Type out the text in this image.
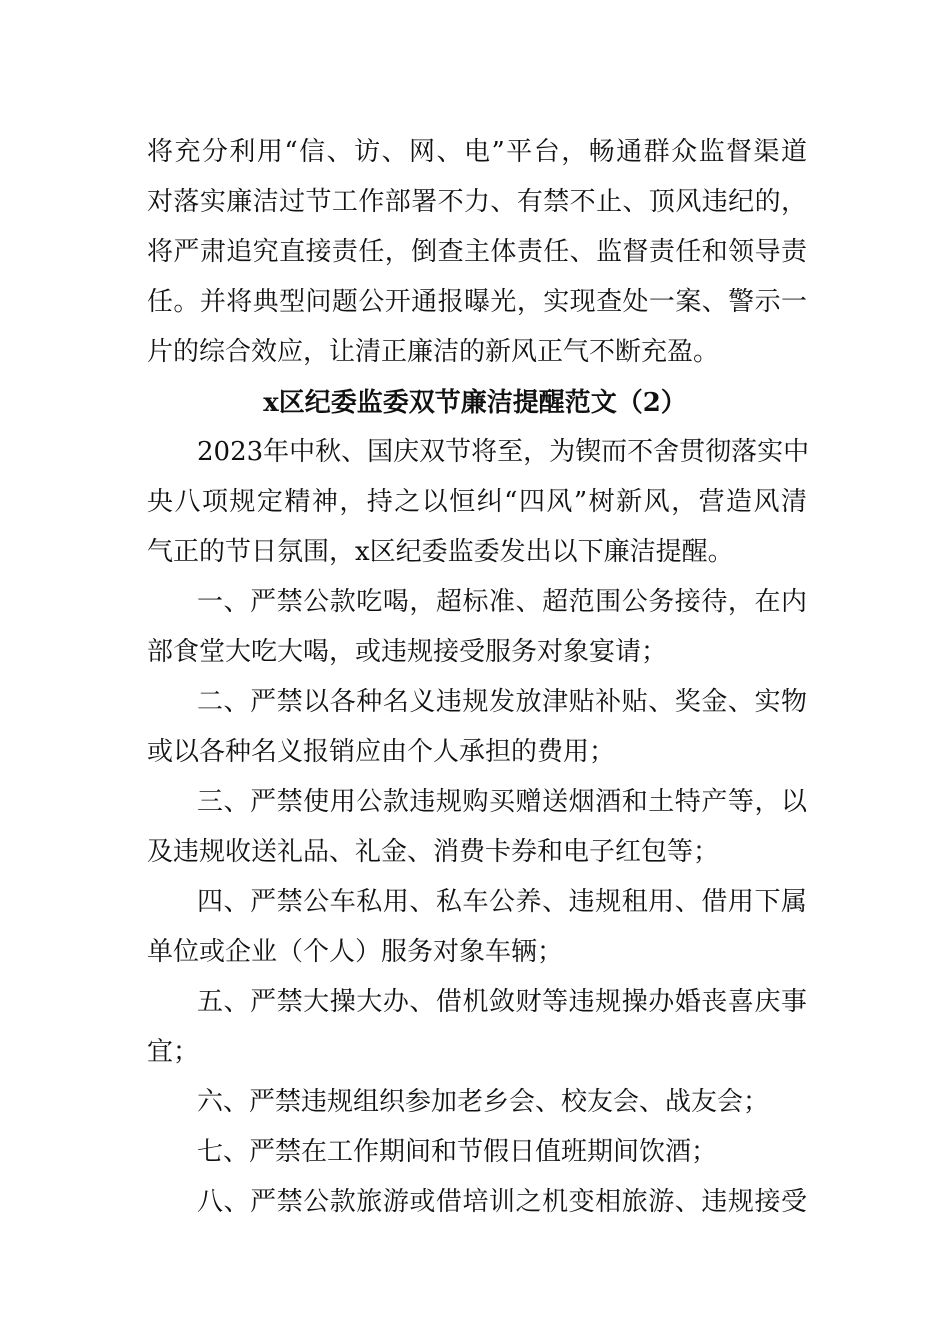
将充分利用“信、访、网、电”平台，畅通群众监督渠道
对落实廉洁过节工作部署不力、有禁不止、顶风违纪的，
将严肃追究直接责任，倒查主体责任、监督责任和领导责
任。并将典型问题公开通报曝光，实现查处一案、警示一
片的综合效应，让清正廉洁的新风正气不断充盈。
x区纪委监委双节廉洁提醒范文（2）
2023年中秋、国庆双节将至，为锲而不舍贯彻落实中
央八项规定精神，持之以恒纠“四风”树新风，营造风清
气正的节日氛围，x区纪委监委发出以下廉洁提醒。
一、严禁公款吃喝，超标准、超范围公务接待，在内
部食堂大吃大喝，或违规接受服务对象宴请；
二、严禁以各种名义违规发放津贴补贴、奖金、实物
或以各种名义报销应由个人承担的费用；
三、严禁使用公款违规购买赠送烟酒和土特产等，以
及违规收送礼品、礼金、消费卡券和电子红包等；
四、严禁公车私用、私车公养、违规租用、借用下属
单位或企业（个人）服务对象车辆；
五、严禁大操大办、借机敛财等违规操办婚丧喜庆事
宜；
六、严禁违规组织参加老乡会、校友会、战友会；
七、严禁在工作期间和节假日值班期间饮酒；
八、严禁公款旅游或借培训之机变相旅游、违规接受
